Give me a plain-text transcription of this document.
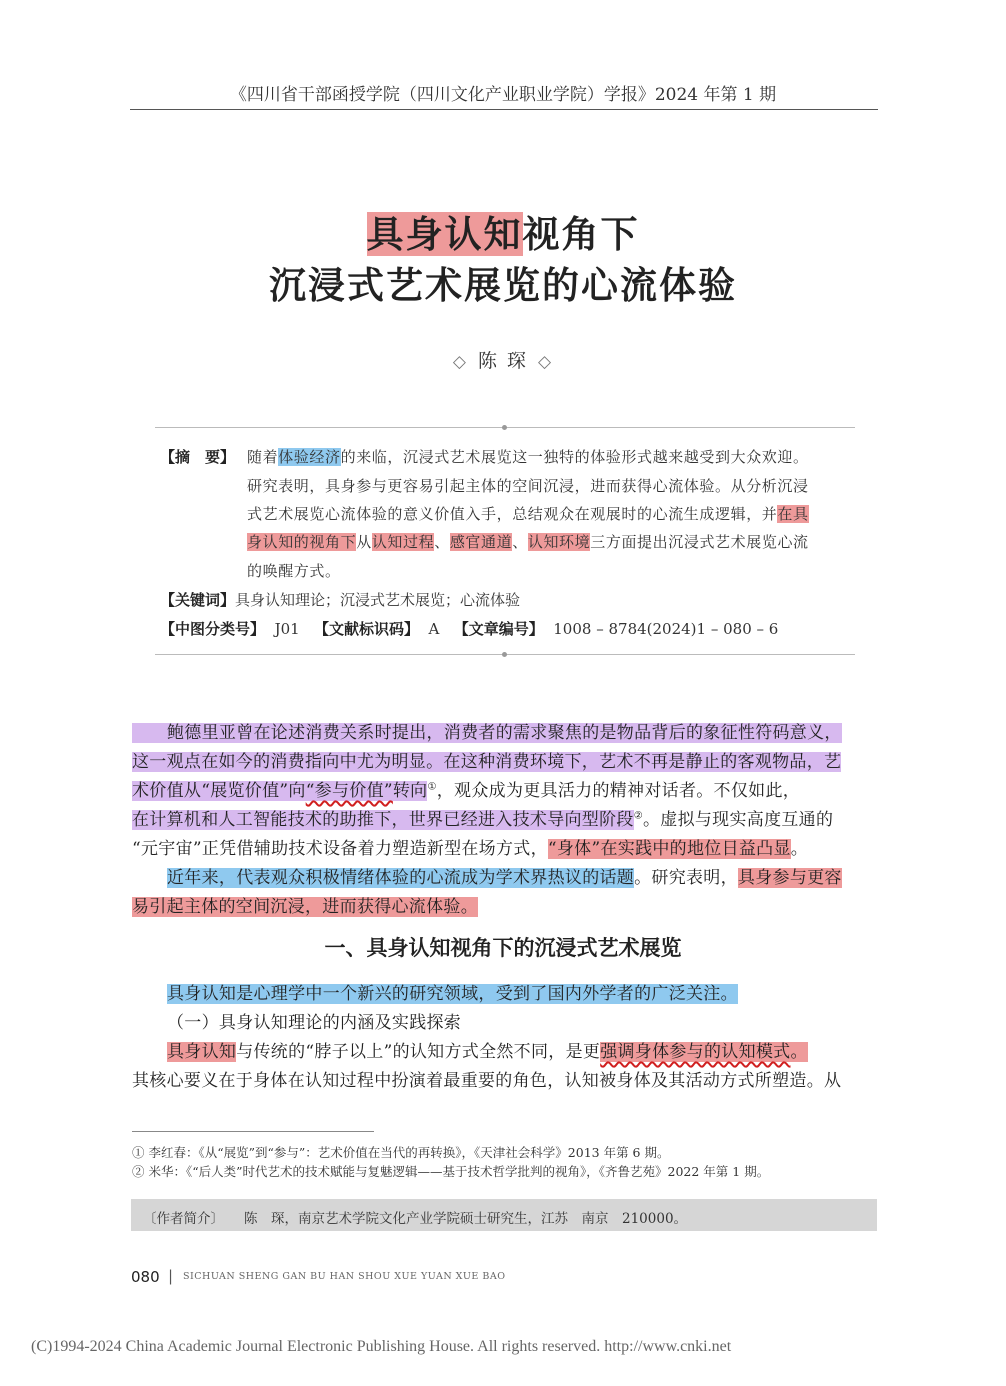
《四川省干部函授学院（四川文化产业职业学院）学报》2024 年第 1 期
具身认知视角下
沉浸式艺术展览的心流体验
◇ 陈 琛 ◇
【摘　要】 随着体验经济的来临，沉浸式艺术展览这一独特的体验形式越来越受到大众欢迎。
研究表明，具身参与更容易引起主体的空间沉浸，进而获得心流体验。从分析沉浸
式艺术展览心流体验的意义价值入手，总结观众在观展时的心流生成逻辑，并在具
身认知的视角下从认知过程、感官通道、认知环境三方面提出沉浸式艺术展览心流
的唤醒方式。
【关键词】具身认知理论；沉浸式艺术展览；心流体验
【中图分类号】 J01 【文献标识码】 A 【文章编号】 1008 – 8784(2024)1 – 080 – 6
鲍德里亚曾在论述消费关系时提出，消费者的需求聚焦的是物品背后的象征性符码意义，
这一观点在如今的消费指向中尤为明显。在这种消费环境下，艺术不再是静止的客观物品，艺
术价值从“展览价值”向“参与价值”转向①，观众成为更具活力的精神对话者。不仅如此，
在计算机和人工智能技术的助推下，世界已经进入技术导向型阶段②。虚拟与现实高度互通的
“元宇宙”正凭借辅助技术设备着力塑造新型在场方式，“身体”在实践中的地位日益凸显。
近年来，代表观众积极情绪体验的心流成为学术界热议的话题。研究表明，具身参与更容
易引起主体的空间沉浸，进而获得心流体验。
一、具身认知视角下的沉浸式艺术展览
具身认知是心理学中一个新兴的研究领域，受到了国内外学者的广泛关注。
（一）具身认知理论的内涵及实践探索
具身认知与传统的“脖子以上”的认知方式全然不同，是更强调身体参与的认知模式。
其核心要义在于身体在认知过程中扮演着最重要的角色，认知被身体及其活动方式所塑造。从
① 李红春：《从“展览”到“参与”：艺术价值在当代的再转换》，《天津社会科学》2013 年第 6 期。
② 米华：《“后人类”时代艺术的技术赋能与复魅逻辑——基于技术哲学批判的视角》，《齐鲁艺苑》2022 年第 1 期。
〔作者简介〕 陈　琛，南京艺术学院文化产业学院硕士研究生，江苏　南京　210000。
080 | SICHUAN SHENG GAN BU HAN SHOU XUE YUAN XUE BAO
(C)1994-2024 China Academic Journal Electronic Publishing House. All rights reserved. http://www.cnki.net
